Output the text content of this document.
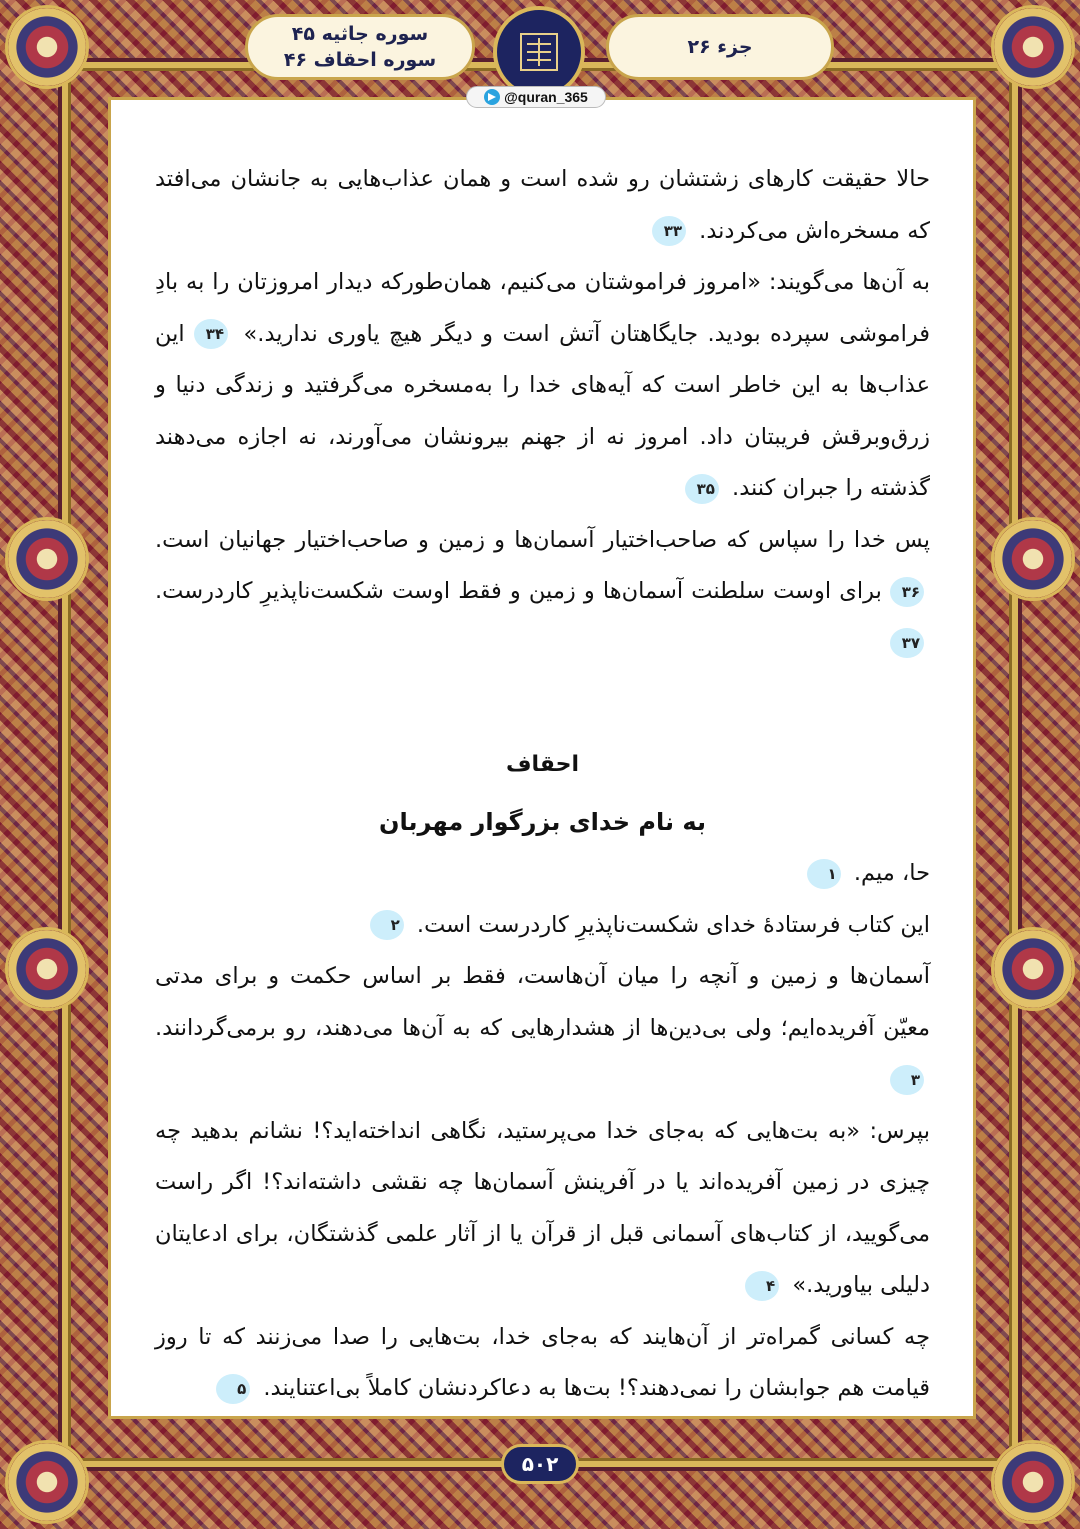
سوره جاثیه ۴۵
سوره احقاف ۴۶
جزء ۲۶
@quran_365

حالا حقیقت کارهای زشتشان رو شده است و همان عذاب‌هایی به جانشان می‌افتد که مسخره‌اش می‌کردند. ۳۳

به آن‌ها می‌گویند: «امروز فراموشتان می‌کنیم، همان‌طورکه دیدار امروزتان را به بادِ فراموشی سپرده بودید. جایگاهتان آتش است و دیگر هیچ یاوری ندارید.» ۳۴ این عذاب‌ها به این خاطر است که آیه‌های خدا را به‌مسخره می‌گرفتید و زندگی دنیا و زرق‌وبرقش فریبتان داد. امروز نه از جهنم بیرونشان می‌آورند، نه اجازه می‌دهند گذشته را جبران کنند. ۳۵

پس خدا را سپاس که صاحب‌اختیار آسمان‌ها و زمین و صاحب‌اختیار جهانیان است. ۳۶ برای اوست سلطنت آسمان‌ها و زمین و فقط اوست شکست‌ناپذیرِ کاردرست. ۳۷

احقاف
به نام خدای بزرگوار مهربان

حا، میم. ۱

این کتاب فرستادهٔ خدای شکست‌ناپذیرِ کاردرست است. ۲

آسمان‌ها و زمین و آنچه را میان آن‌هاست، فقط بر اساس حکمت و برای مدتی معیّن آفریده‌ایم؛ ولی بی‌دین‌ها از هشدارهایی که به آن‌ها می‌دهند، رو برمی‌گردانند. ۳

بپرس: «به بت‌هایی که به‌جای خدا می‌پرستید، نگاهی انداخته‌اید؟! نشانم بدهید چه چیزی در زمین آفریده‌اند یا در آفرینش آسمان‌ها چه نقشی داشته‌اند؟! اگر راست می‌گویید، از کتاب‌های آسمانی قبل از قرآن یا از آثار علمی گذشتگان، برای ادعایتان دلیلی بیاورید.» ۴

چه کسانی گمراه‌تر از آن‌هایند که به‌جای خدا، بت‌هایی را صدا می‌زنند که تا روز قیامت هم جوابشان را نمی‌دهند؟! بت‌ها به دعاکردنشان کاملاً بی‌اعتنایند. ۵

۵۰۲
